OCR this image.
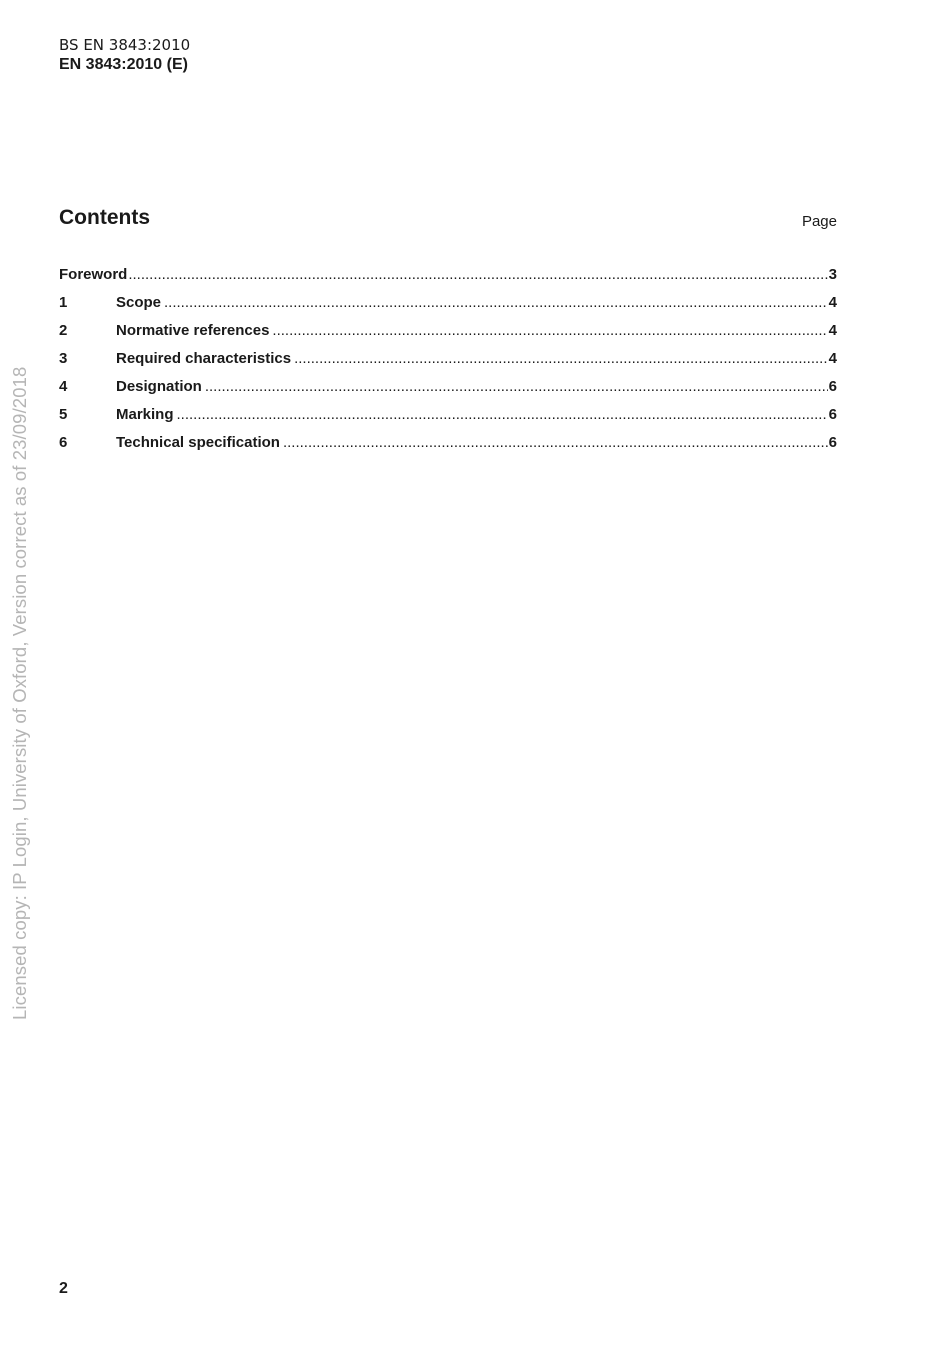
BS EN 3843:2010
EN 3843:2010 (E)
Contents	Page
Foreword .....	3
1	Scope .....	4
2	Normative references .....	4
3	Required characteristics .....	4
4	Designation .....	6
5	Marking .....	6
6	Technical specification .....	6
Licensed copy: IP Login, University of Oxford, Version correct as of 23/09/2018
2
